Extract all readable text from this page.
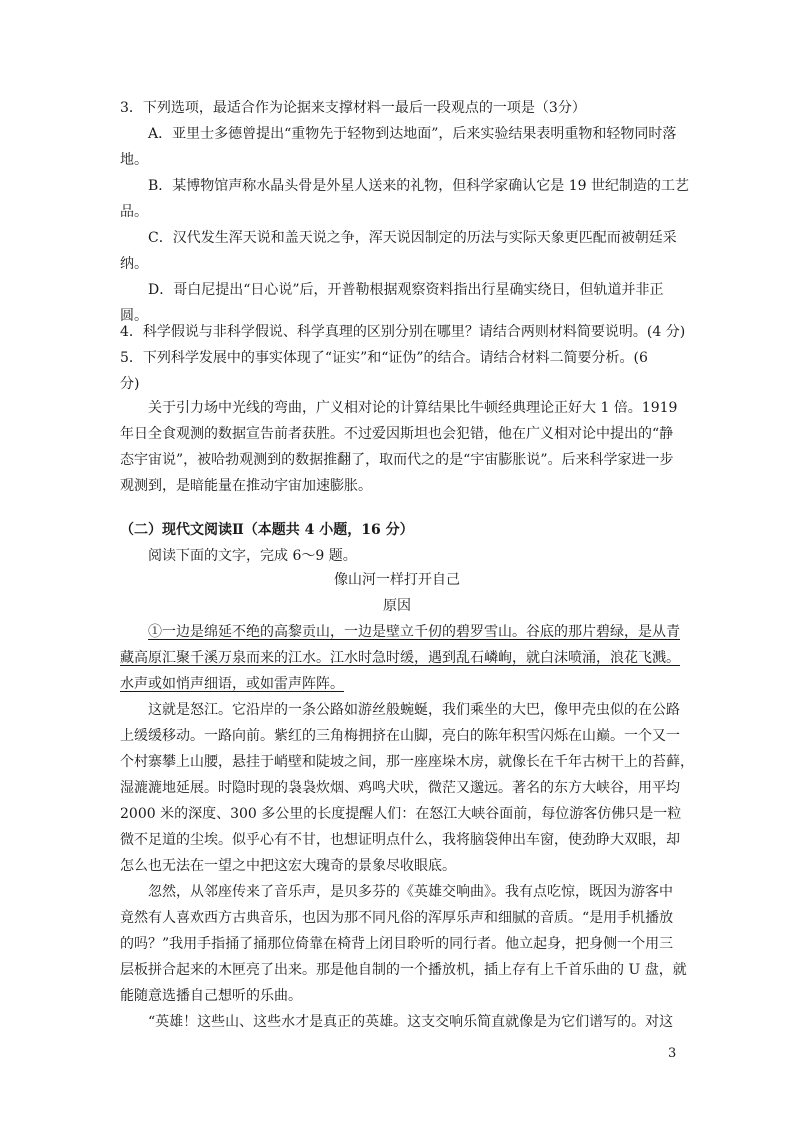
3．下列选项，最适合作为论据来支撑材料一最后一段观点的一项是（3分）
A．亚里士多德曾提出“重物先于轻物到达地面”，后来实验结果表明重物和轻物同时落
地。
B．某博物馆声称水晶头骨是外星人送来的礼物，但科学家确认它是 19 世纪制造的工艺
品。
C．汉代发生浑天说和盖天说之争，浑天说因制定的历法与实际天象更匹配而被朝廷采
纳。
D．哥白尼提出“日心说”后，开普勒根据观察资料指出行星确实绕日，但轨道并非正
圆。
4．科学假说与非科学假说、科学真理的区别分别在哪里？请结合两则材料简要说明。(4 分)
5．下列科学发展中的事实体现了“证实”和“证伪”的结合。请结合材料二简要分析。(6
分)
关于引力场中光线的弯曲，广义相对论的计算结果比牛顿经典理论正好大 1 倍。1919
年日全食观测的数据宣告前者获胜。不过爱因斯坦也会犯错，他在广义相对论中提出的“静
态宇宙说”，被哈勃观测到的数据推翻了，取而代之的是“宇宙膨胀说”。后来科学家进一步
观测到，是暗能量在推动宇宙加速膨胀。
（二）现代文阅读Ⅱ（本题共 4 小题，16 分）
阅读下面的文字，完成 6～9 题。
像山河一样打开自己
原因
①一边是绵延不绝的高黎贡山，一边是壁立千仞的碧罗雪山。谷底的那片碧绿，是从青
藏高原汇聚千溪万泉而来的江水。江水时急时缓，遇到乱石嶙峋，就白沫喷涌，浪花飞溅。
水声或如悄声细语，或如雷声阵阵。
这就是怒江。它沿岸的一条公路如游丝般蜿蜒，我们乘坐的大巴，像甲壳虫似的在公路
上缓缓移动。一路向前。紫红的三角梅拥挤在山脚，亮白的陈年积雪闪烁在山巅。一个又一
个村寨攀上山腰，悬挂于峭壁和陡坡之间，那一座座垛木房，就像长在千年古树干上的苔藓，
湿漉漉地延展。时隐时现的袅袅炊烟、鸡鸣犬吠，微茫又邈远。著名的东方大峡谷，用平均
2000 米的深度、300 多公里的长度提醒人们：在怒江大峡谷面前，每位游客仿佛只是一粒
微不足道的尘埃。似乎心有不甘，也想证明点什么，我将脑袋伸出车窗，使劲睁大双眼，却
怎么也无法在一望之中把这宏大瑰奇的景象尽收眼底。
忽然，从邻座传来了音乐声，是贝多芬的《英雄交响曲》。我有点吃惊，既因为游客中
竟然有人喜欢西方古典音乐，也因为那不同凡俗的浑厚乐声和细腻的音质。“是用手机播放
的吗？”我用手指捅了捅那位倚靠在椅背上闭目聆听的同行者。他立起身，把身侧一个用三
层板拼合起来的木匣亮了出来。那是他自制的一个播放机，插上存有上千首乐曲的 U 盘，就
能随意选播自己想听的乐曲。
“英雄！这些山、这些水才是真正的英雄。这支交响乐简直就像是为它们谱写的。对这
3
